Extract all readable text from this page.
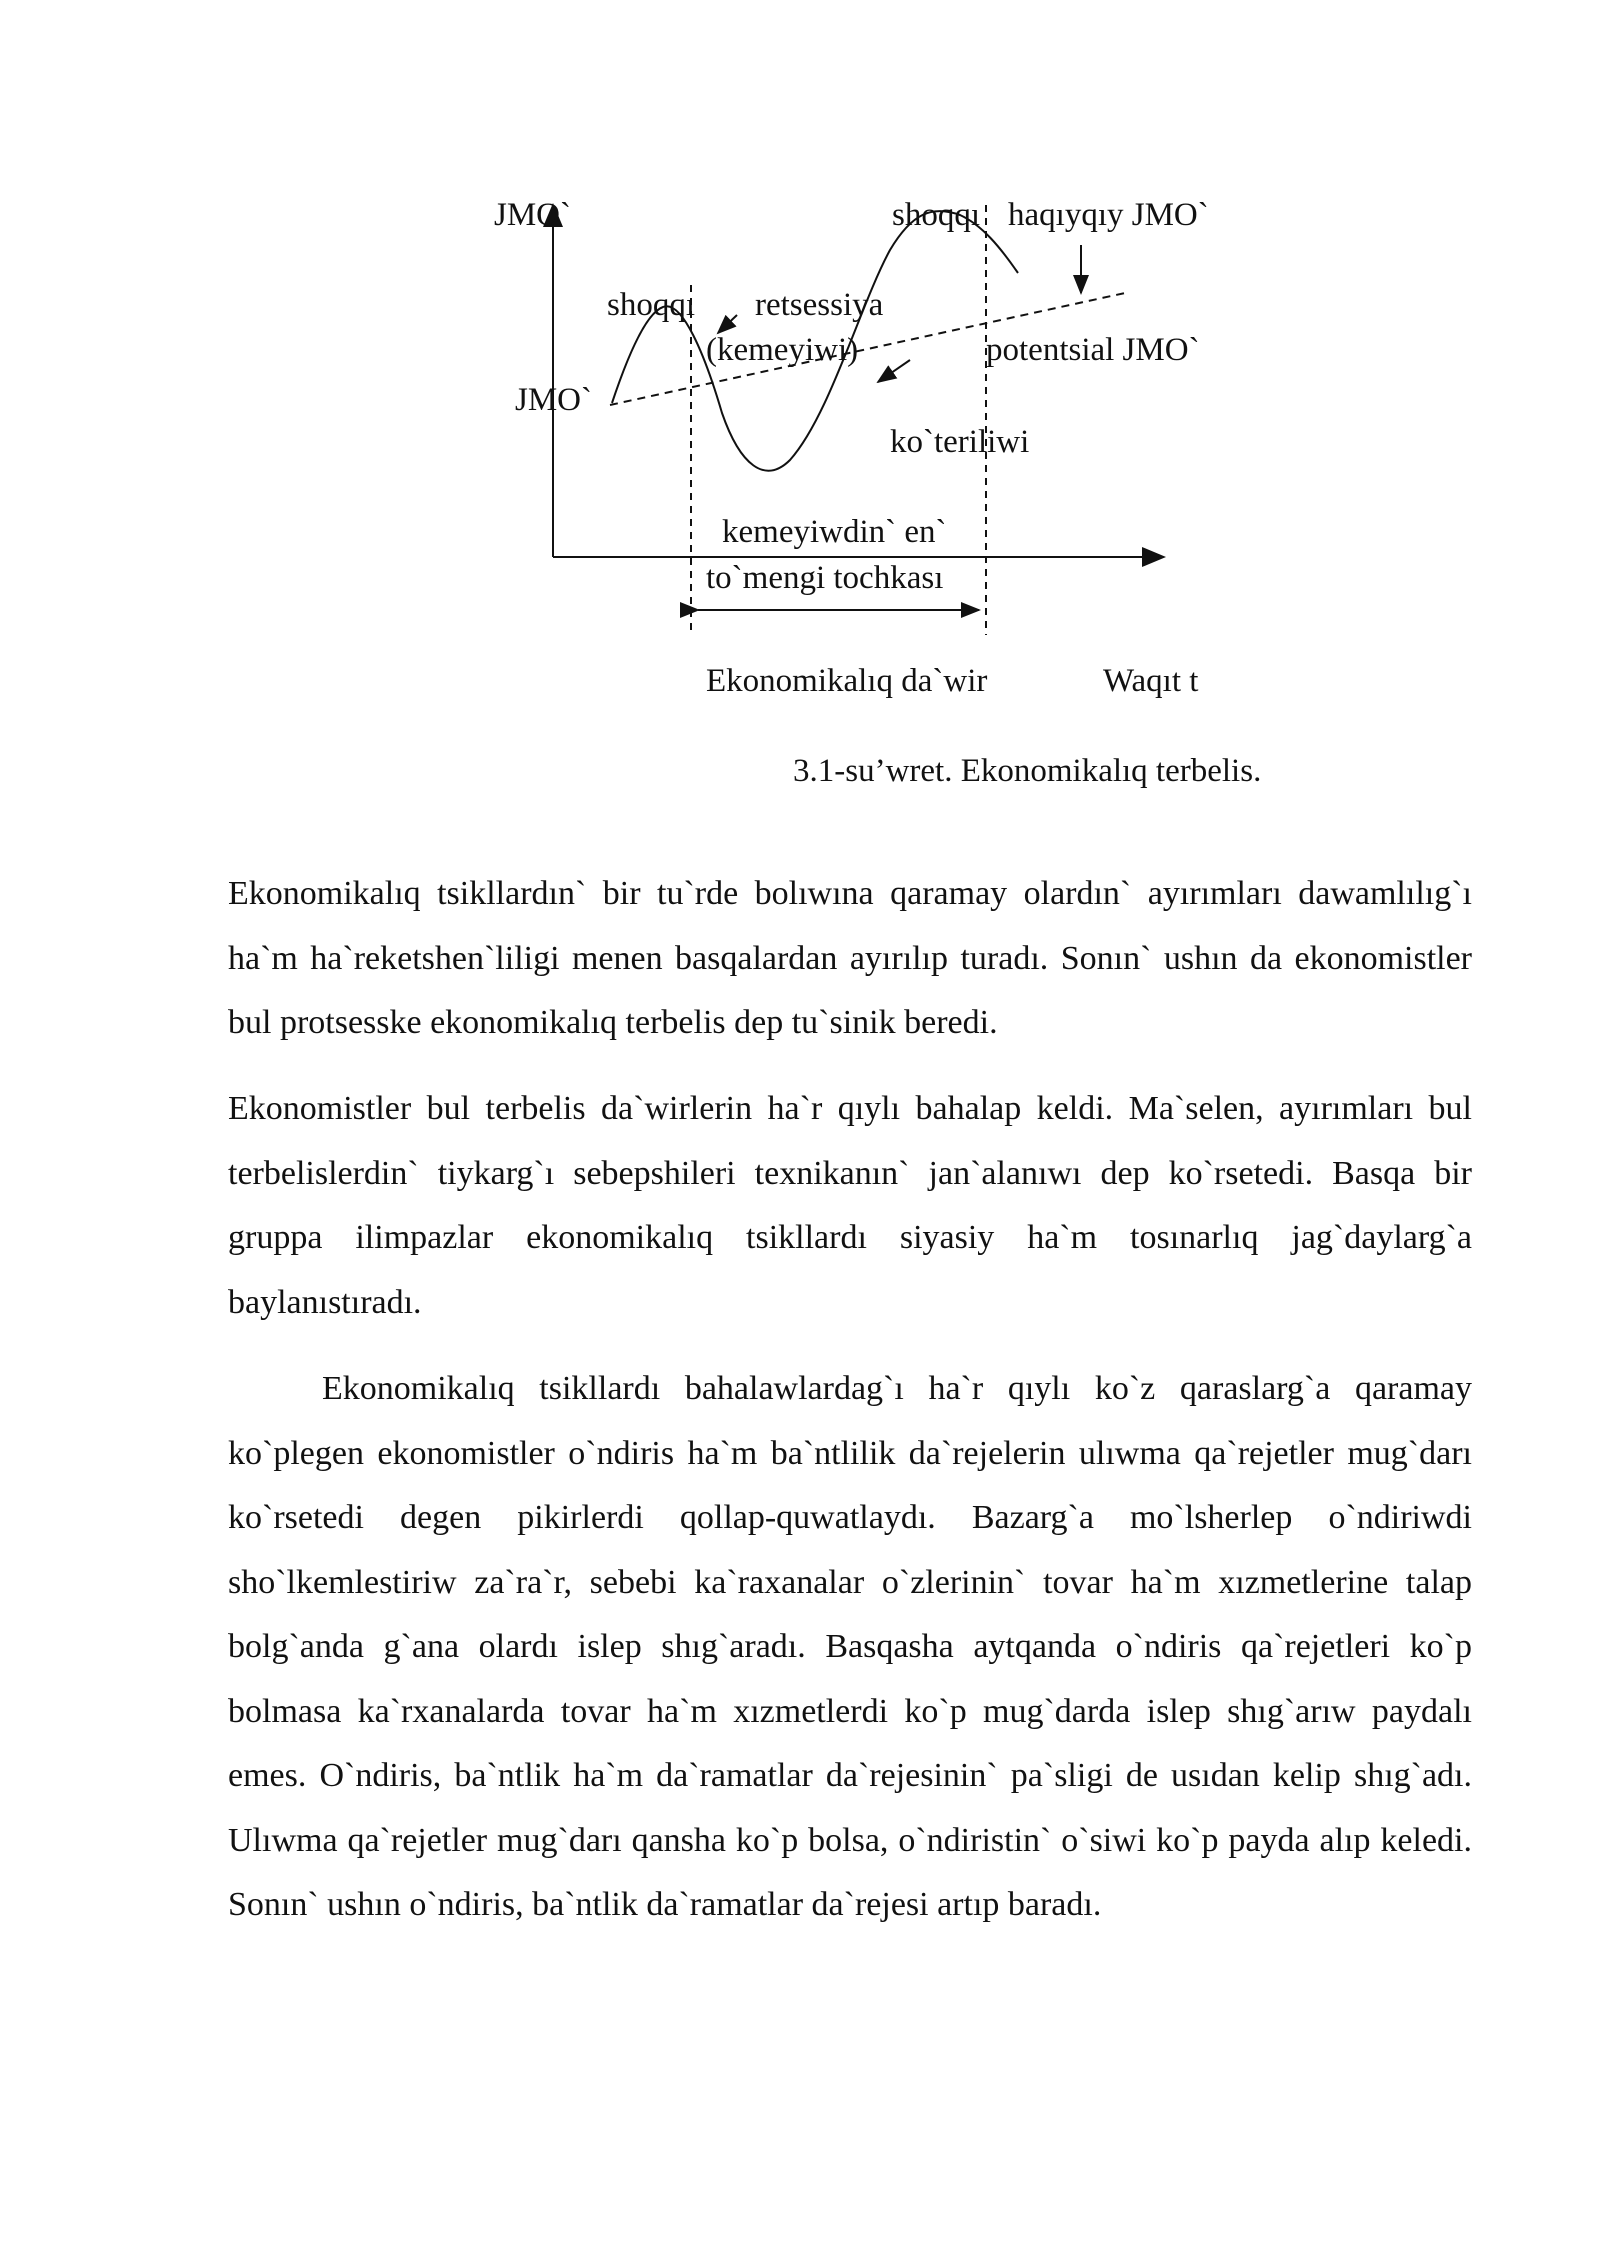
JMO`
JMO`
shoqqı haqıyqıy JMO`
shoqqı retsessiya
(kemeyiwi)	potentsial JMO`
ko`teriliwi
kemeyiwdin` en`
to`mengi tochkası
Ekonomikalıq da`wir	Waqıt t
3.1-su’wret. Ekonomikalıq terbelis.

Ekonomikalıq tsikllardın` bir tu`rde bolıwına qaramay olardın` ayırımları dawamlılıg`ı ha`m ha`reketshen`liligi menen basqalardan ayırılıp turadı. Sonın` ushın da ekonomistler bul protsesske ekonomikalıq terbelis dep tu`sinik beredi.

Ekonomistler bul terbelis da`wirlerin ha`r qıylı bahalap keldi. Ma`selen, ayırımları bul terbelislerdin` tiykarg`ı sebepshileri texnikanın` jan`alanıwı dep ko`rsetedi. Basqa bir gruppa ilimpazlar ekonomikalıq tsikllardı siyasiy ha`m tosınarlıq jag`daylarg`a baylanıstıradı.

Ekonomikalıq tsikllardı bahalawlardag`ı ha`r qıylı ko`z qaraslarg`a qaramay ko`plegen ekonomistler o`ndiris ha`m ba`ntlilik da`rejelerin ulıwma qa`rejetler mug`darı ko`rsetedi degen pikirlerdi qollap-quwatlaydı. Bazarg`a mo`lsherlep o`ndiriwdi sho`lkemlestiriw za`ra`r, sebebi ka`raxanalar o`zlerinin` tovar ha`m xızmetlerine talap bolg`anda g`ana olardı islep shıg`aradı. Basqasha aytqanda o`ndiris qa`rejetleri ko`p bolmasa ka`rxanalarda tovar ha`m xızmetlerdi ko`p mug`darda islep shıg`arıw paydalı emes. O`ndiris, ba`ntlik ha`m da`ramatlar da`rejesinin` pa`sligi de usıdan kelip shıg`adı. Ulıwma qa`rejetler mug`darı qansha ko`p bolsa, o`ndiristin` o`siwi ko`p payda alıp keledi. Sonın` ushın o`ndiris, ba`ntlik da`ramatlar da`rejesi artıp baradı.
